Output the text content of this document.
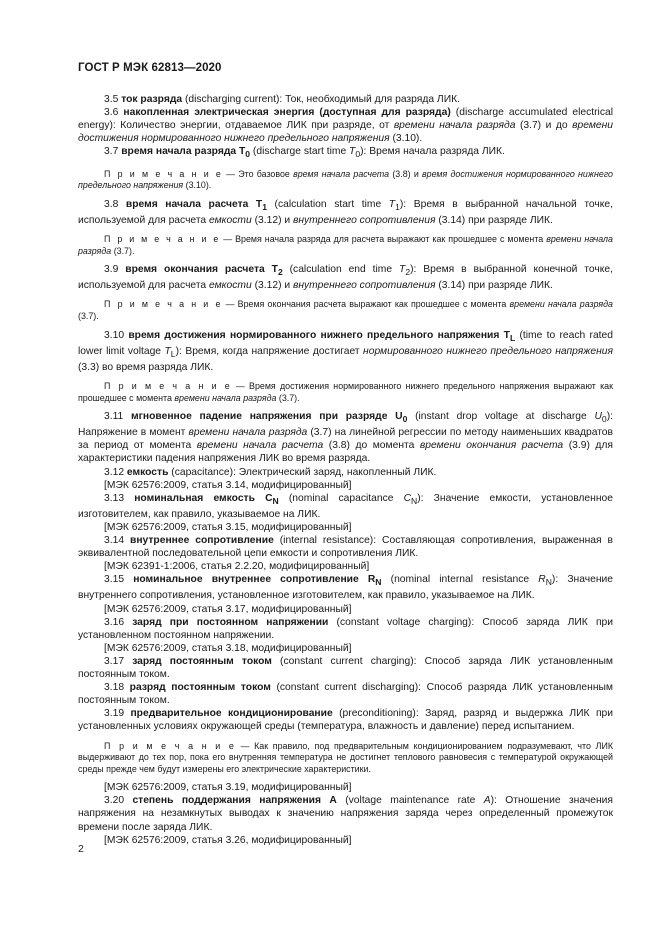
ГОСТ Р МЭК 62813—2020

3.5 ток разряда (discharging current): Ток, необходимый для разряда ЛИК.

3.6 накопленная электрическая энергия (доступная для разряда) (discharge accumulated electrical energy): Количество энергии, отдаваемое ЛИК при разряде, от времени начала разряда (3.7) и до времени достижения нормированного нижнего предельного напряжения (3.10).

3.7 время начала разряда $T_0$ (discharge start time $T_0$): Время начала разряда ЛИК.

П р и м е ч а н и е — Это базовое время начала расчета (3.8) и время достижения нормированного нижнего предельного напряжения (3.10).

3.8 время начала расчета $T_1$ (calculation start time $T_1$): Время в выбранной начальной точке, используемой для расчета емкости (3.12) и внутреннего сопротивления (3.14) при разряде ЛИК.

П р и м е ч а н и е — Время начала разряда для расчета выражают как прошедшее с момента времени начала разряда (3.7).

3.9 время окончания расчета $T_2$ (calculation end time $T_2$): Время в выбранной конечной точке, используемой для расчета емкости (3.12) и внутреннего сопротивления (3.14) при разряде ЛИК.

П р и м е ч а н и е — Время окончания расчета выражают как прошедшее с момента времени начала разряда (3.7).

3.10 время достижения нормированного нижнего предельного напряжения $T_L$ (time to reach rated lower limit voltage $T_L$): Время, когда напряжение достигает нормированного нижнего предельного напряжения (3.3) во время разряда ЛИК.

П р и м е ч а н и е — Время достижения нормированного нижнего предельного напряжения выражают как прошедшее с момента времени начала разряда (3.7).

3.11 мгновенное падение напряжения при разряде $U_0$ (instant drop voltage at discharge $U_0$): Напряжение в момент времени начала разряда (3.7) на линейной регрессии по методу наименьших квадратов за период от момента времени начала расчета (3.8) до момента времени окончания расчета (3.9) для характеристики падения напряжения ЛИК во время разряда.

3.12 емкость (capacitance): Электрический заряд, накопленный ЛИК.

[МЭК 62576:2009, статья 3.14, модифицированный]

3.13 номинальная емкость $C_N$ (nominal capacitance $C_N$): Значение емкости, установленное изготовителем, как правило, указываемое на ЛИК.

[МЭК 62576:2009, статья 3.15, модифицированный]

3.14 внутреннее сопротивление (internal resistance): Составляющая сопротивления, выраженная в эквивалентной последовательной цепи емкости и сопротивления ЛИК.

[МЭК 62391-1:2006, статья 2.2.20, модифицированный]

3.15 номинальное внутреннее сопротивление $R_N$ (nominal internal resistance $R_N$): Значение внутреннего сопротивления, установленное изготовителем, как правило, указываемое на ЛИК.

[МЭК 62576:2009, статья 3.17, модифицированный]

3.16 заряд при постоянном напряжении (constant voltage charging): Способ заряда ЛИК при установленном постоянном напряжении.

[МЭК 62576:2009, статья 3.18, модифицированный]

3.17 заряд постоянным током (constant current charging): Способ заряда ЛИК установленным постоянным током.

3.18 разряд постоянным током (constant current discharging): Способ разряда ЛИК установленным постоянным током.

3.19 предварительное кондиционирование (preconditioning): Заряд, разряд и выдержка ЛИК при установленных условиях окружающей среды (температура, влажность и давление) перед испытанием.

П р и м е ч а н и е — Как правило, под предварительным кондиционированием подразумевают, что ЛИК выдерживают до тех пор, пока его внутренняя температура не достигнет теплового равновесия с температурой окружающей среды прежде чем будут измерены его электрические характеристики.

[МЭК 62576:2009, статья 3.19, модифицированный]

3.20 степень поддержания напряжения A (voltage maintenance rate A): Отношение значения напряжения на незамкнутых выводах к значению напряжения заряда через определенный промежуток времени после заряда ЛИК.

[МЭК 62576:2009, статья 3.26, модифицированный]

2
